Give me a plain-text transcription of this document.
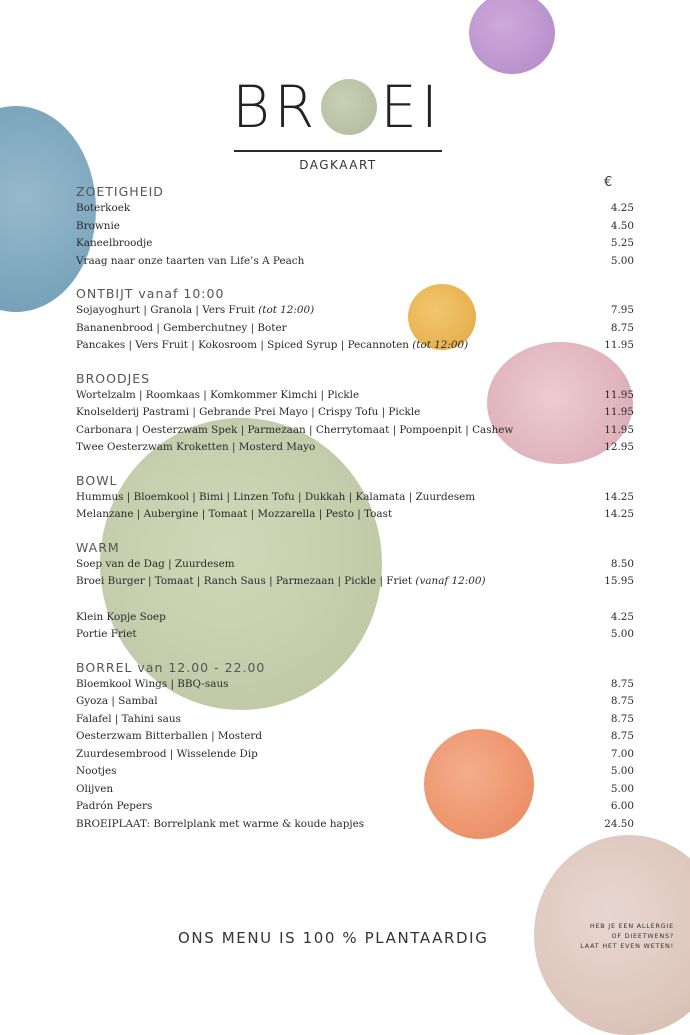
BR EI
DAGKAART
€
ZOETIGHEID
Boterkoek	4.25
Brownie	4.50
Kaneelbroodje	5.25
Vraag naar onze taarten van Life’s A Peach	5.00
ONTBIJT vanaf 10:00
Sojayoghurt | Granola | Vers Fruit (tot 12:00)	7.95
Bananenbrood | Gemberchutney | Boter	8.75
Pancakes | Vers Fruit | Kokosroom | Spiced Syrup | Pecannoten (tot 12:00)	11.95
BROODJES
Wortelzalm | Roomkaas | Komkommer Kimchi | Pickle	11.95
Knolselderij Pastrami | Gebrande Prei Mayo | Crispy Tofu | Pickle	11.95
Carbonara | Oesterzwam Spek | Parmezaan | Cherrytomaat | Pompoenpit | Cashew	11.95
Twee Oesterzwam Kroketten | Mosterd Mayo	12.95
BOWL
Hummus | Bloemkool | Bimi | Linzen Tofu | Dukkah | Kalamata | Zuurdesem	14.25
Melanzane | Aubergine | Tomaat | Mozzarella | Pesto | Toast	14.25
WARM
Soep van de Dag | Zuurdesem	8.50
Broei Burger | Tomaat | Ranch Saus | Parmezaan | Pickle | Friet (vanaf 12:00)	15.95
Klein Kopje Soep	4.25
Portie Friet	5.00
BORREL van 12.00 - 22.00
Bloemkool Wings | BBQ-saus	8.75
Gyoza | Sambal	8.75
Falafel | Tahini saus	8.75
Oesterzwam Bitterballen | Mosterd	8.75
Zuurdesembrood | Wisselende Dip	7.00
Nootjes	5.00
Olijven	5.00
Padrón Pepers	6.00
BROEIPLAAT: Borrelplank met warme & koude hapjes	24.50
ONS MENU IS 100 % PLANTAARDIG
HEB JE EEN ALLERGIE
OF DIEETWENS?
LAAT HET EVEN WETEN!
